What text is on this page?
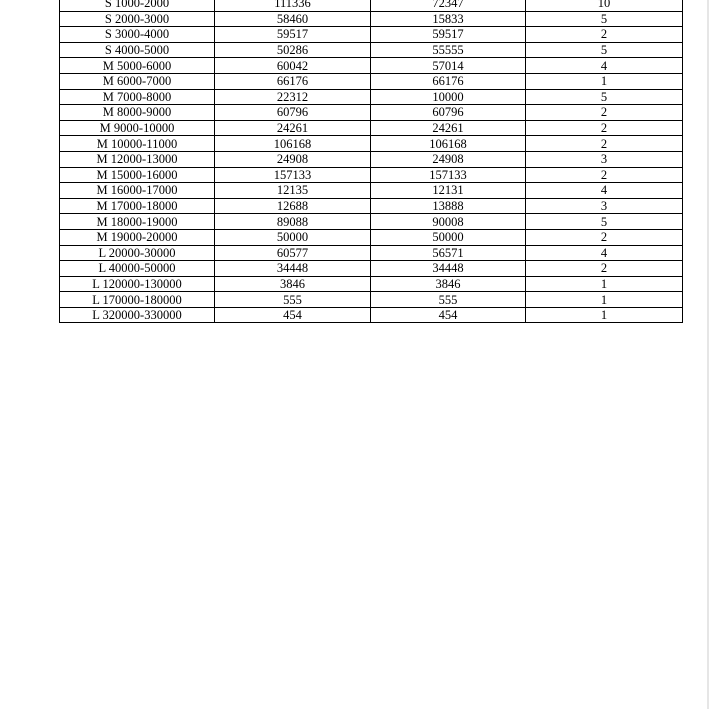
S 1000-2000	111336	72347	10
S 2000-3000	58460	15833	5
S 3000-4000	59517	59517	2
S 4000-5000	50286	55555	5
M 5000-6000	60042	57014	4
M 6000-7000	66176	66176	1
M 7000-8000	22312	10000	5
M 8000-9000	60796	60796	2
M 9000-10000	24261	24261	2
M 10000-11000	106168	106168	2
M 12000-13000	24908	24908	3
M 15000-16000	157133	157133	2
M 16000-17000	12135	12131	4
M 17000-18000	12688	13888	3
M 18000-19000	89088	90008	5
M 19000-20000	50000	50000	2
L 20000-30000	60577	56571	4
L 40000-50000	34448	34448	2
L 120000-130000	3846	3846	1
L 170000-180000	555	555	1
L 320000-330000	454	454	1
